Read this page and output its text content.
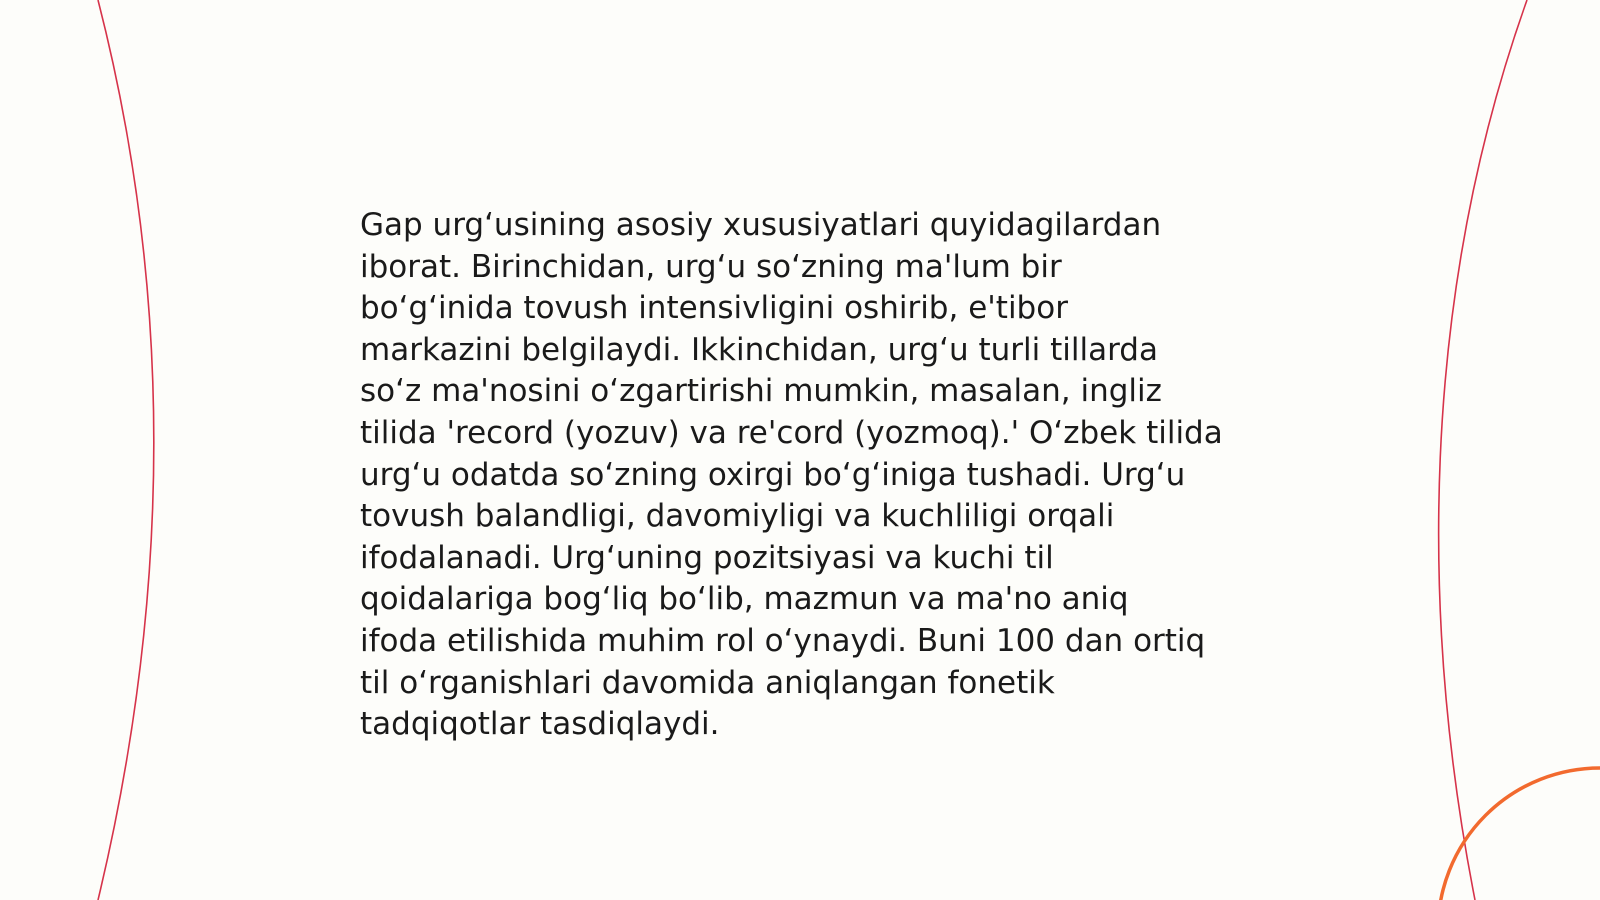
Gap urg‘usining asosiy xususiyatlari quyidagilardan
iborat. Birinchidan, urg‘u so‘zning ma'lum bir
bo‘g‘inida tovush intensivligini oshirib, e'tibor
markazini belgilaydi. Ikkinchidan, urg‘u turli tillarda
so‘z ma'nosini o‘zgartirishi mumkin, masalan, ingliz
tilida 'record (yozuv) va re'cord (yozmoq).' O‘zbek tilida
urg‘u odatda so‘zning oxirgi bo‘g‘iniga tushadi. Urg‘u
tovush balandligi, davomiyligi va kuchliligi orqali
ifodalanadi. Urg‘uning pozitsiyasi va kuchi til
qoidalariga bog‘liq bo‘lib, mazmun va ma'no aniq
ifoda etilishida muhim rol o‘ynaydi. Buni 100 dan ortiq
til o‘rganishlari davomida aniqlangan fonetik
tadqiqotlar tasdiqlaydi.
